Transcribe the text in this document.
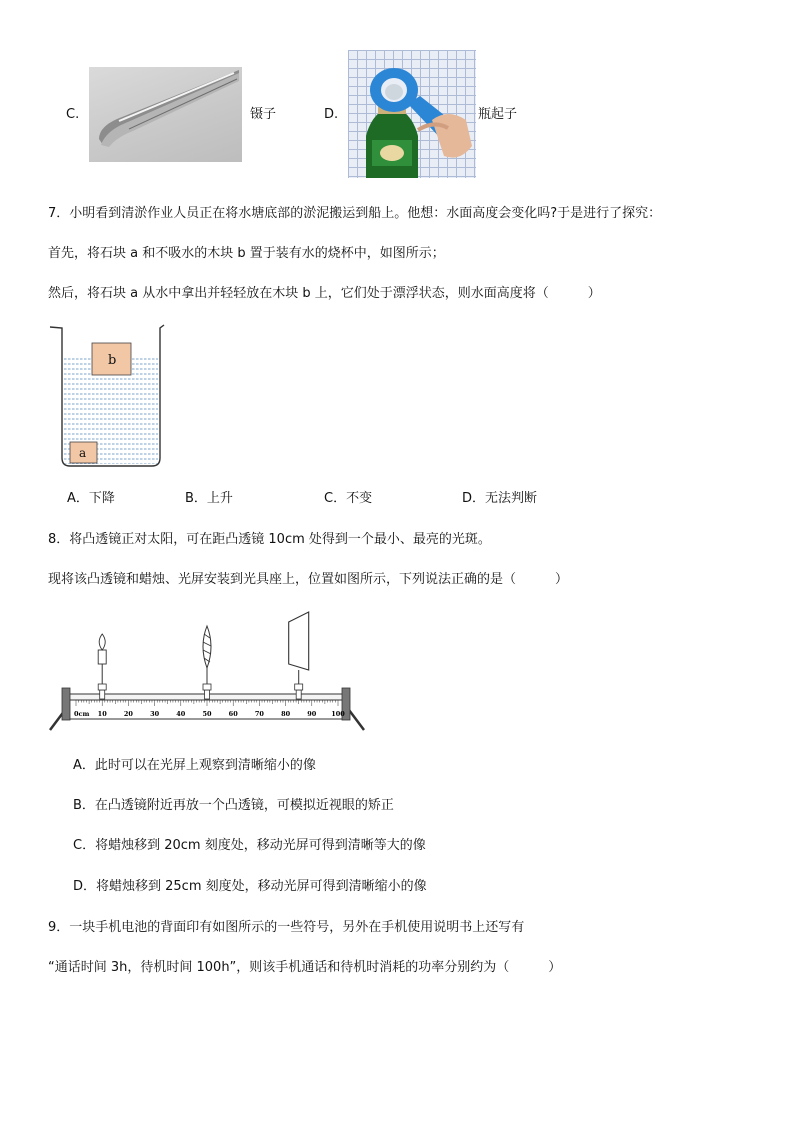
C.	镊子	D.	瓶起子
7．小明看到清淤作业人员正在将水塘底部的淤泥搬运到船上。他想：水面高度会变化吗?于是进行了探究：
首先，将石块 a 和不吸水的木块 b 置于装有水的烧杯中，如图所示；
然后，将石块 a 从水中拿出并轻轻放在木块 b 上，它们处于漂浮状态，则水面高度将（　　　）
b
a
A．下降	B．上升	C．不变	D．无法判断
8．将凸透镜正对太阳，可在距凸透镜 10cm 处得到一个最小、最亮的光斑。
现将该凸透镜和蜡烛、光屏安装到光具座上，位置如图所示，下列说法正确的是（　　　）
0cm 10	20	30	40	50	60	70	80	90 100
A．此时可以在光屏上观察到清晰缩小的像
B．在凸透镜附近再放一个凸透镜，可模拟近视眼的矫正
C．将蜡烛移到 20cm 刻度处，移动光屏可得到清晰等大的像
D．将蜡烛移到 25cm 刻度处，移动光屏可得到清晰缩小的像
9．一块手机电池的背面印有如图所示的一些符号，另外在手机使用说明书上还写有
“通话时间 3h，待机时间 100h”，则该手机通话和待机时消耗的功率分别约为（　　　）
